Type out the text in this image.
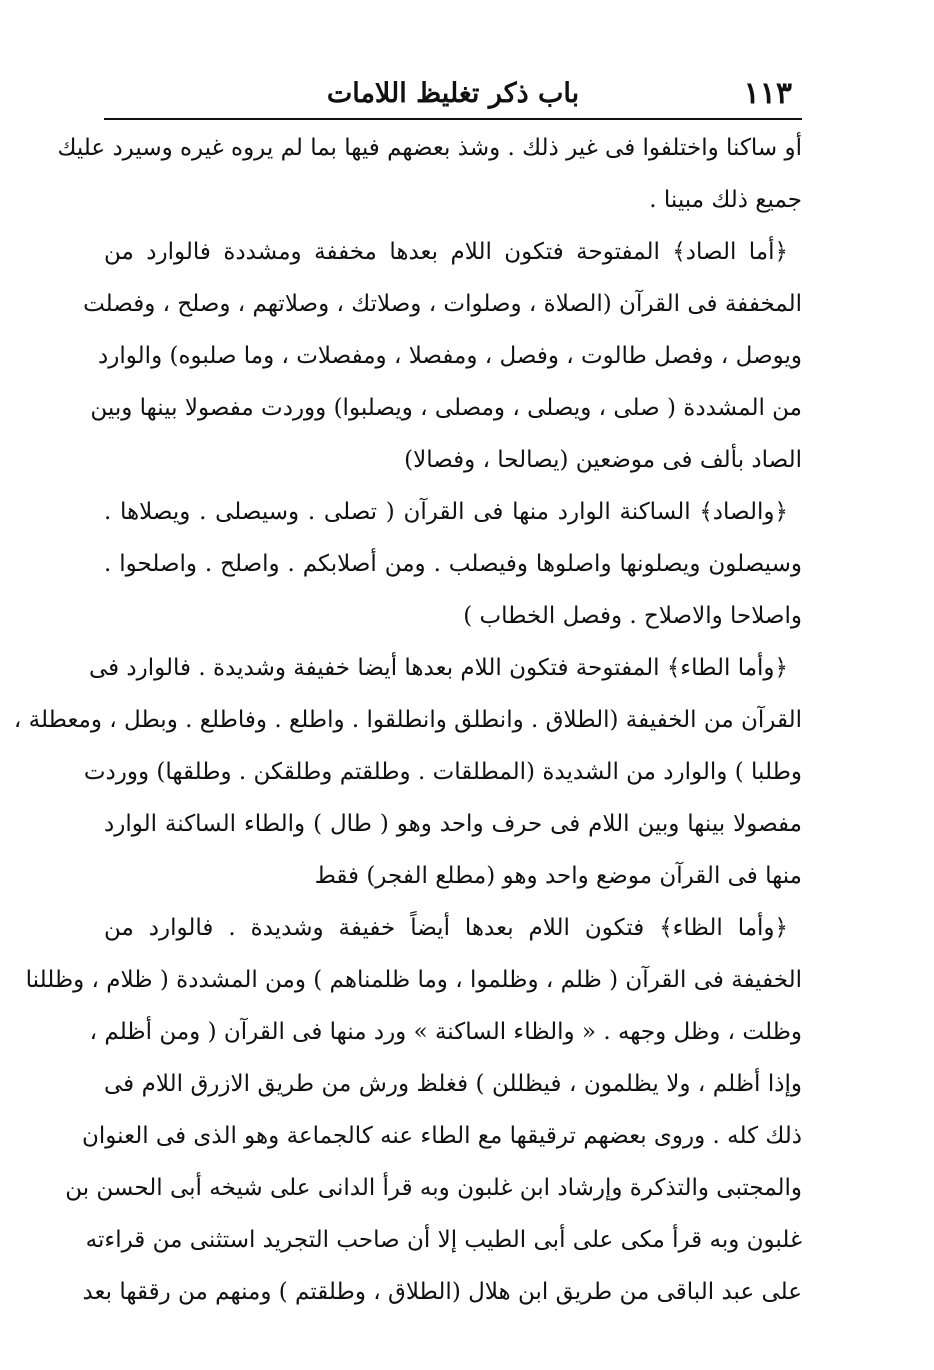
١١٣
باب ذكر تغليظ اللامات
أو ساكنا واختلفوا فى غير ذلك . وشذ بعضهم فيها بما لم يروه غيره وسيرد عليك
جميع ذلك مبينا .
﴿أما الصاد﴾ المفتوحة فتكون اللام بعدها مخففة ومشددة فالوارد من
المخففة فى القرآن (الصلاة ، وصلوات ، وصلاتك ، وصلاتهم ، وصلح ، وفصلت
ويوصل ، وفصل طالوت ، وفصل ، ومفصلا ، ومفصلات ، وما صلبوه) والوارد
من المشددة ( صلى ، ويصلى ، ومصلى ، ويصلبوا) ووردت مفصولا بينها وبين
الصاد بألف فى موضعين (يصالحا ، وفصالا)
﴿والصاد﴾ الساكنة الوارد منها فى القرآن ( تصلى . وسيصلى . ويصلاها .
وسيصلون ويصلونها واصلوها وفيصلب . ومن أصلابكم . واصلح . واصلحوا .
واصلاحا والاصلاح . وفصل الخطاب )
﴿وأما الطاء﴾ المفتوحة فتكون اللام بعدها أيضا خفيفة وشديدة . فالوارد فى
القرآن من الخفيفة (الطلاق . وانطلق وانطلقوا . واطلع . وفاطلع . وبطل ، ومعطلة ،
وطلبا ) والوارد من الشديدة (المطلقات . وطلقتم وطلقكن . وطلقها) ووردت
مفصولا بينها وبين اللام فى حرف واحد وهو ( طال ) والطاء الساكنة الوارد
منها فى القرآن موضع واحد وهو (مطلع الفجر) فقط
﴿وأما الظاء﴾ فتكون اللام بعدها أيضاً خفيفة وشديدة . فالوارد من
الخفيفة فى القرآن ( ظلم ، وظلموا ، وما ظلمناهم ) ومن المشددة ( ظلام ، وظللنا
وظلت ، وظل وجهه . « والظاء الساكنة » ورد منها فى القرآن ( ومن أظلم ،
وإذا أظلم ، ولا يظلمون ، فيظللن ) فغلظ ورش من طريق الازرق اللام فى
ذلك كله . وروى بعضهم ترقيقها مع الطاء عنه كالجماعة وهو الذى فى العنوان
والمجتبى والتذكرة وإرشاد ابن غلبون وبه قرأ الدانى على شيخه أبى الحسن بن
غلبون وبه قرأ مكى على أبى الطيب إلا أن صاحب التجريد استثنى من قراءته
على عبد الباقى من طريق ابن هلال (الطلاق ، وطلقتم ) ومنهم من رققها بعد
